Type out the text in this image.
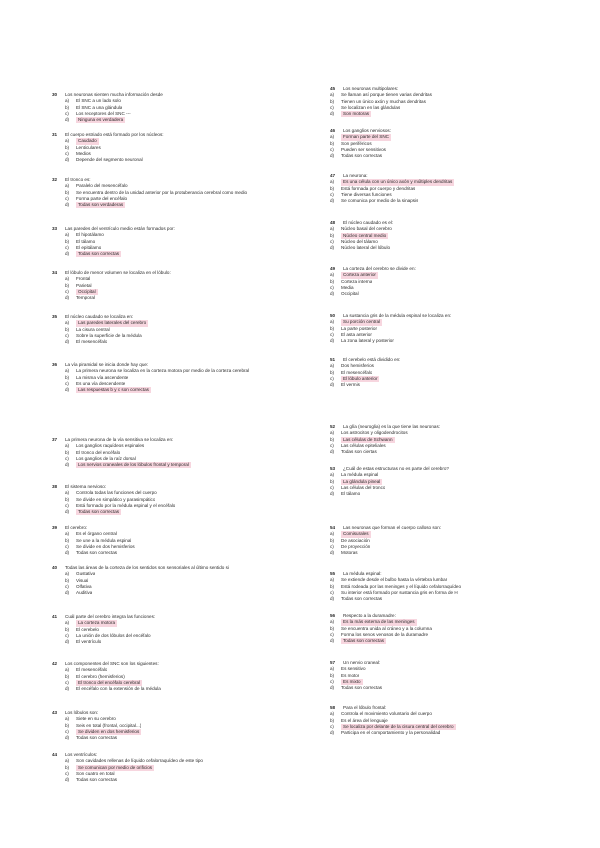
30	Los neuronas sienten mucha información desde
a)	El SNC a un lado solo
b)	El SNC a una glándula
c)	Los receptores del SNC ---
d)	Ninguna es verdadera
31	El cuerpo estriado está formado por los núcleos:
a)	Caudado
b)	Lenticulares
c)	Medios
d)	Depende del segmento neuronal
32	El tronco es:
a)	Paralelo del mesencéfalo
b)	Se encuentra dentro de la unidad anterior por la protuberancia cerebral como medio
c)	Forma parte del encéfalo
d)	Todas son verdaderas
33	Las paredes del ventrículo medio están formados por:
a)	El hipotálamo
b)	El tálamo
c)	El epitálamo
d)	Todas son correctas
34	El lóbulo de menor volumen se localiza en el lóbulo:
a)	Frontal
b)	Parietal
c)	Occipital
d)	Temporal
35	El núcleo caudado se localiza en:
a)	Las paredes laterales del cerebro
b)	La cisura central
c)	Sobre la superficie de la médula
d)	El mesencéfalo
36	La vía piramidal se inicia donde hay que:
a)	La primera neurona se localiza en la corteza motora por medio de la corteza cerebral
b)	La misma vía ascendente
c)	Es una vía descendente
d)	Las respuestas b y c son correctas
37	La primera neurona de la vía sensitiva se localiza en:
a)	Los ganglios raquídeos espinales
b)	El tronco del encéfalo
c)	Los ganglios de la raíz dorsal
d)	Los nervios craneales de los lóbulos frontal y temporal
38	El sistema nervioso:
a)	Controla todas las funciones del cuerpo
b)	Se divide en simpático y parasimpático
c)	Está formado por la médula espinal y el encéfalo
d)	Todas son correctas
39	El cerebro:
a)	Es el órgano central
b)	Se une a la médula espinal
c)	Se divide en dos hemisferios
d)	Todas son correctas
40	Todas las áreas de la corteza de los sentidos son sensoriales al último sentido si
a)	Gustativa
b)	Visual
c)	Olfativa
d)	Auditiva
41	Cuál parte del cerebro integra las funciones:
a)	La corteza motora
b)	El cerebelo
c)	La unión de dos lóbulos del encéfalo
d)	El ventrículo
42	Los componentes del SNC son los siguientes:
a)	El mesencéfalo
b)	El cerebro (hemisferios)
c)	El tronco del encéfalo cerebral
d)	El encéfalo con la extensión de la médula
43	Los lóbulos son:
a)	Siete en su cerebro
b)	Seis en total (frontal, occipital...)
c)	Se dividen en dos hemisferios
d)	Todas son correctas
44	Los ventrículos:
a)	Son cavidades rellenas de líquido cefalorraquídeo de este tipo
b)	Se comunican por medio de orificios
c)	Son cuatro en total
d)	Todas son correctas
45	Los neuronas multipolares:
a)	Se llaman así porque tienen varias dendritas
b)	Tienen un único axón y muchas dendritas
c)	Se localizan en las glándulas
d)	Son motoras
46	Los ganglios nerviosos:
a)	Forman parte del SNC
b)	Son periféricos
c)	Pueden ser sensitivos
d)	Todas son correctas
47	La neurona:
a)	Es una célula con un único axón y múltiples dendritas
b)	Está formada por cuerpo y dendritas
c)	Tiene diversas funciones
d)	Se comunica por medio de la sinapsis
48	El núcleo caudado es el:
a)	Núcleo basal del cerebro
b)	Núcleo central medio
c)	Núcleo del tálamo
d)	Núcleo lateral del lóbulo
49	La corteza del cerebro se divide en:
a)	Corteza anterior
b)	Corteza interna
c)	Media
d)	Occipital
50	La sustancia gris de la médula espinal se localiza en:
a)	Su porción central
b)	La parte posterior
c)	El asta anterior
d)	La zona lateral y posterior
51	El cerebelo está dividido en:
a)	Dos hemisferios
b)	El mesencéfalo
c)	El lóbulo anterior
d)	El vermis
52	La glía (neuroglia) es la que tiene las neuronas:
a)	Los astrocitos y oligodendrocitos
b)	Las células de Schwann
c)	Las células epiteliales
d)	Todas son ciertas
53	¿Cuál de estas estructuras no es parte del cerebro?
a)	La médula espinal
b)	La glándula pineal
c)	Las células del tronco
d)	El tálamo
54	Las neuronas que forman el cuerpo calloso son:
a)	Comisurales
b)	De asociación
c)	De proyección
d)	Motoras
55	La médula espinal:
a)	Se extiende desde el bulbo hasta la vértebra lumbar
b)	Está rodeada por las meninges y el líquido cefalorraquídeo
c)	Su interior está formado por sustancia gris en forma de H
d)	Todas son correctas
56	Respecto a la duramadre:
a)	Es la más externa de las meninges
b)	Se encuentra unida al cráneo y a la columna
c)	Forma los senos venosos de la duramadre
d)	Todas son correctas
57	Un nervio craneal:
a)	Es sensitivo
b)	Es motor
c)	Es mixto
d)	Todas son correctas
58	Para el lóbulo frontal:
a)	Controla el movimiento voluntario del cuerpo
b)	Es el área del lenguaje
c)	Se localiza por delante de la cisura central del cerebro
d)	Participa en el comportamiento y la personalidad
